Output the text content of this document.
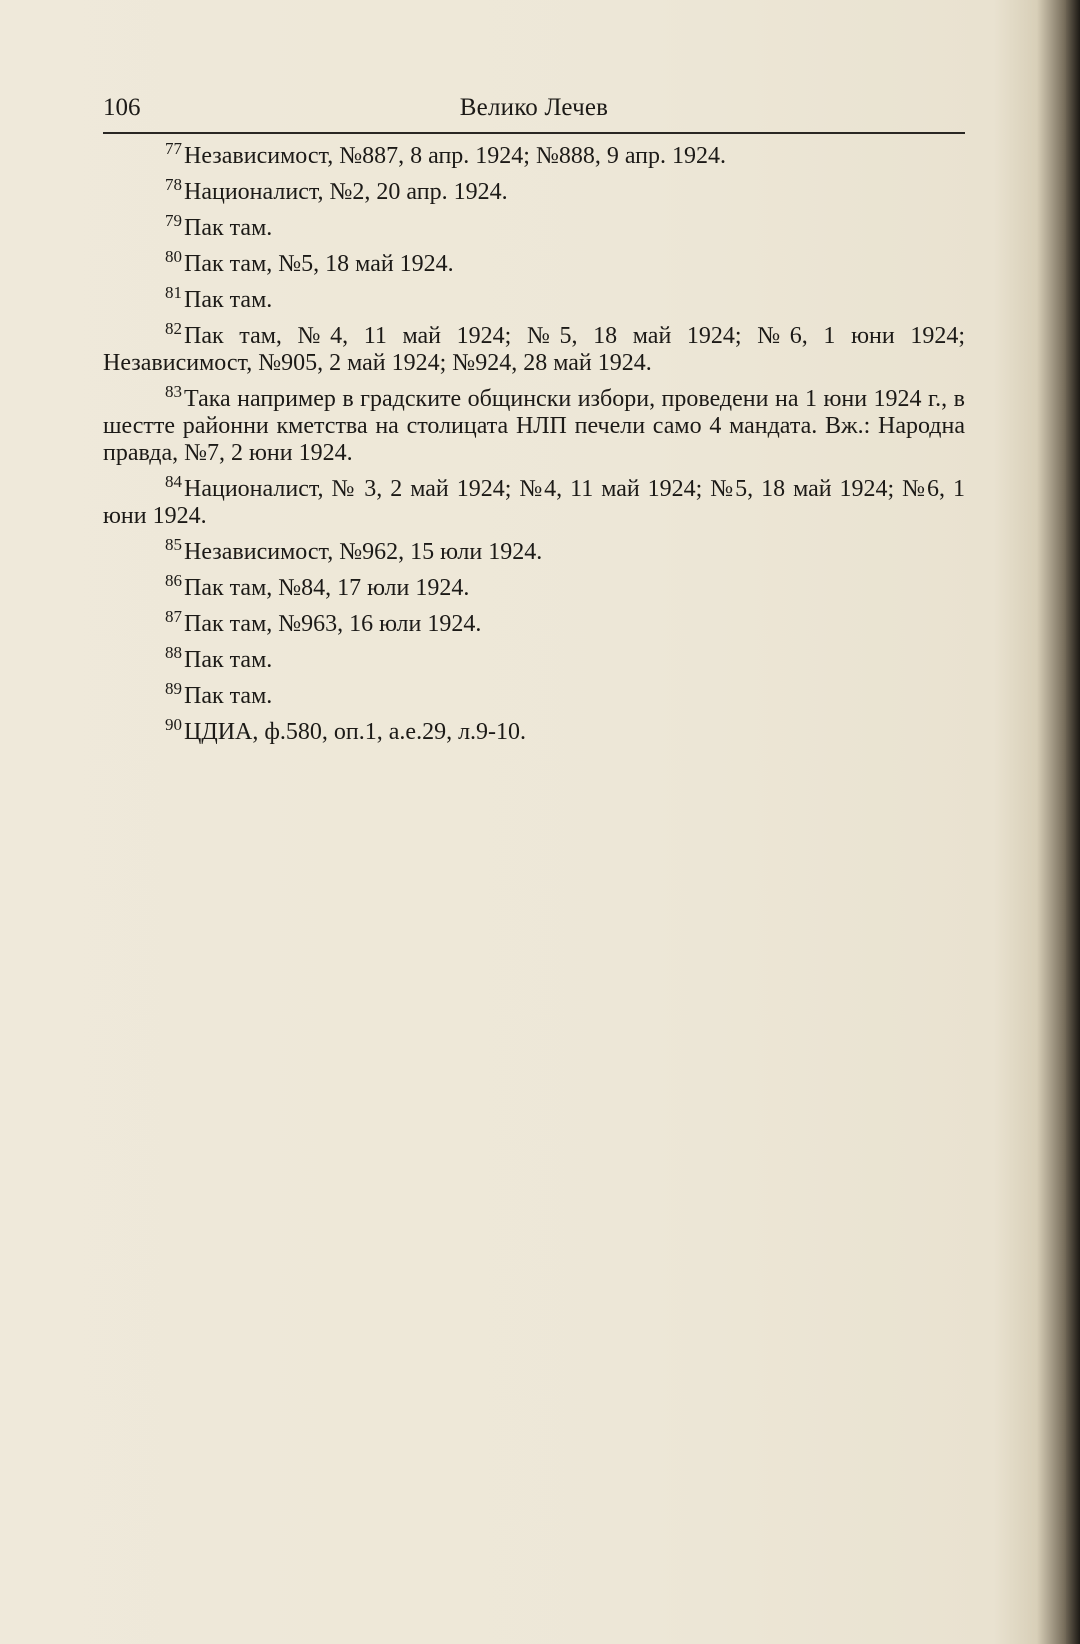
106	Велико Лечев

$^{77}$Независимост, №887, 8 апр. 1924; №888, 9 апр. 1924.

$^{78}$Националист, №2, 20 апр. 1924.

$^{79}$Пак там.

$^{80}$Пак там, №5, 18 май 1924.

$^{81}$Пак там.

$^{82}$Пак там, №4, 11 май 1924; №5, 18 май 1924; №6, 1 юни 1924; Независимост, №905, 2 май 1924; №924, 28 май 1924.

$^{83}$Така например в градските общински избори, проведени на 1 юни 1924 г., в шестте районни кметства на столицата НЛП печели само 4 мандата. Вж.: Народна правда, №7, 2 юни 1924.

$^{84}$Националист, № 3, 2 май 1924; №4, 11 май 1924; №5, 18 май 1924; №6, 1 юни 1924.

$^{85}$Независимост, №962, 15 юли 1924.

$^{86}$Пак там, №84, 17 юли 1924.

$^{87}$Пак там, №963, 16 юли 1924.

$^{88}$Пак там.

$^{89}$Пак там.

$^{90}$ЦДИА, ф.580, оп.1, а.е.29, л.9-10.
